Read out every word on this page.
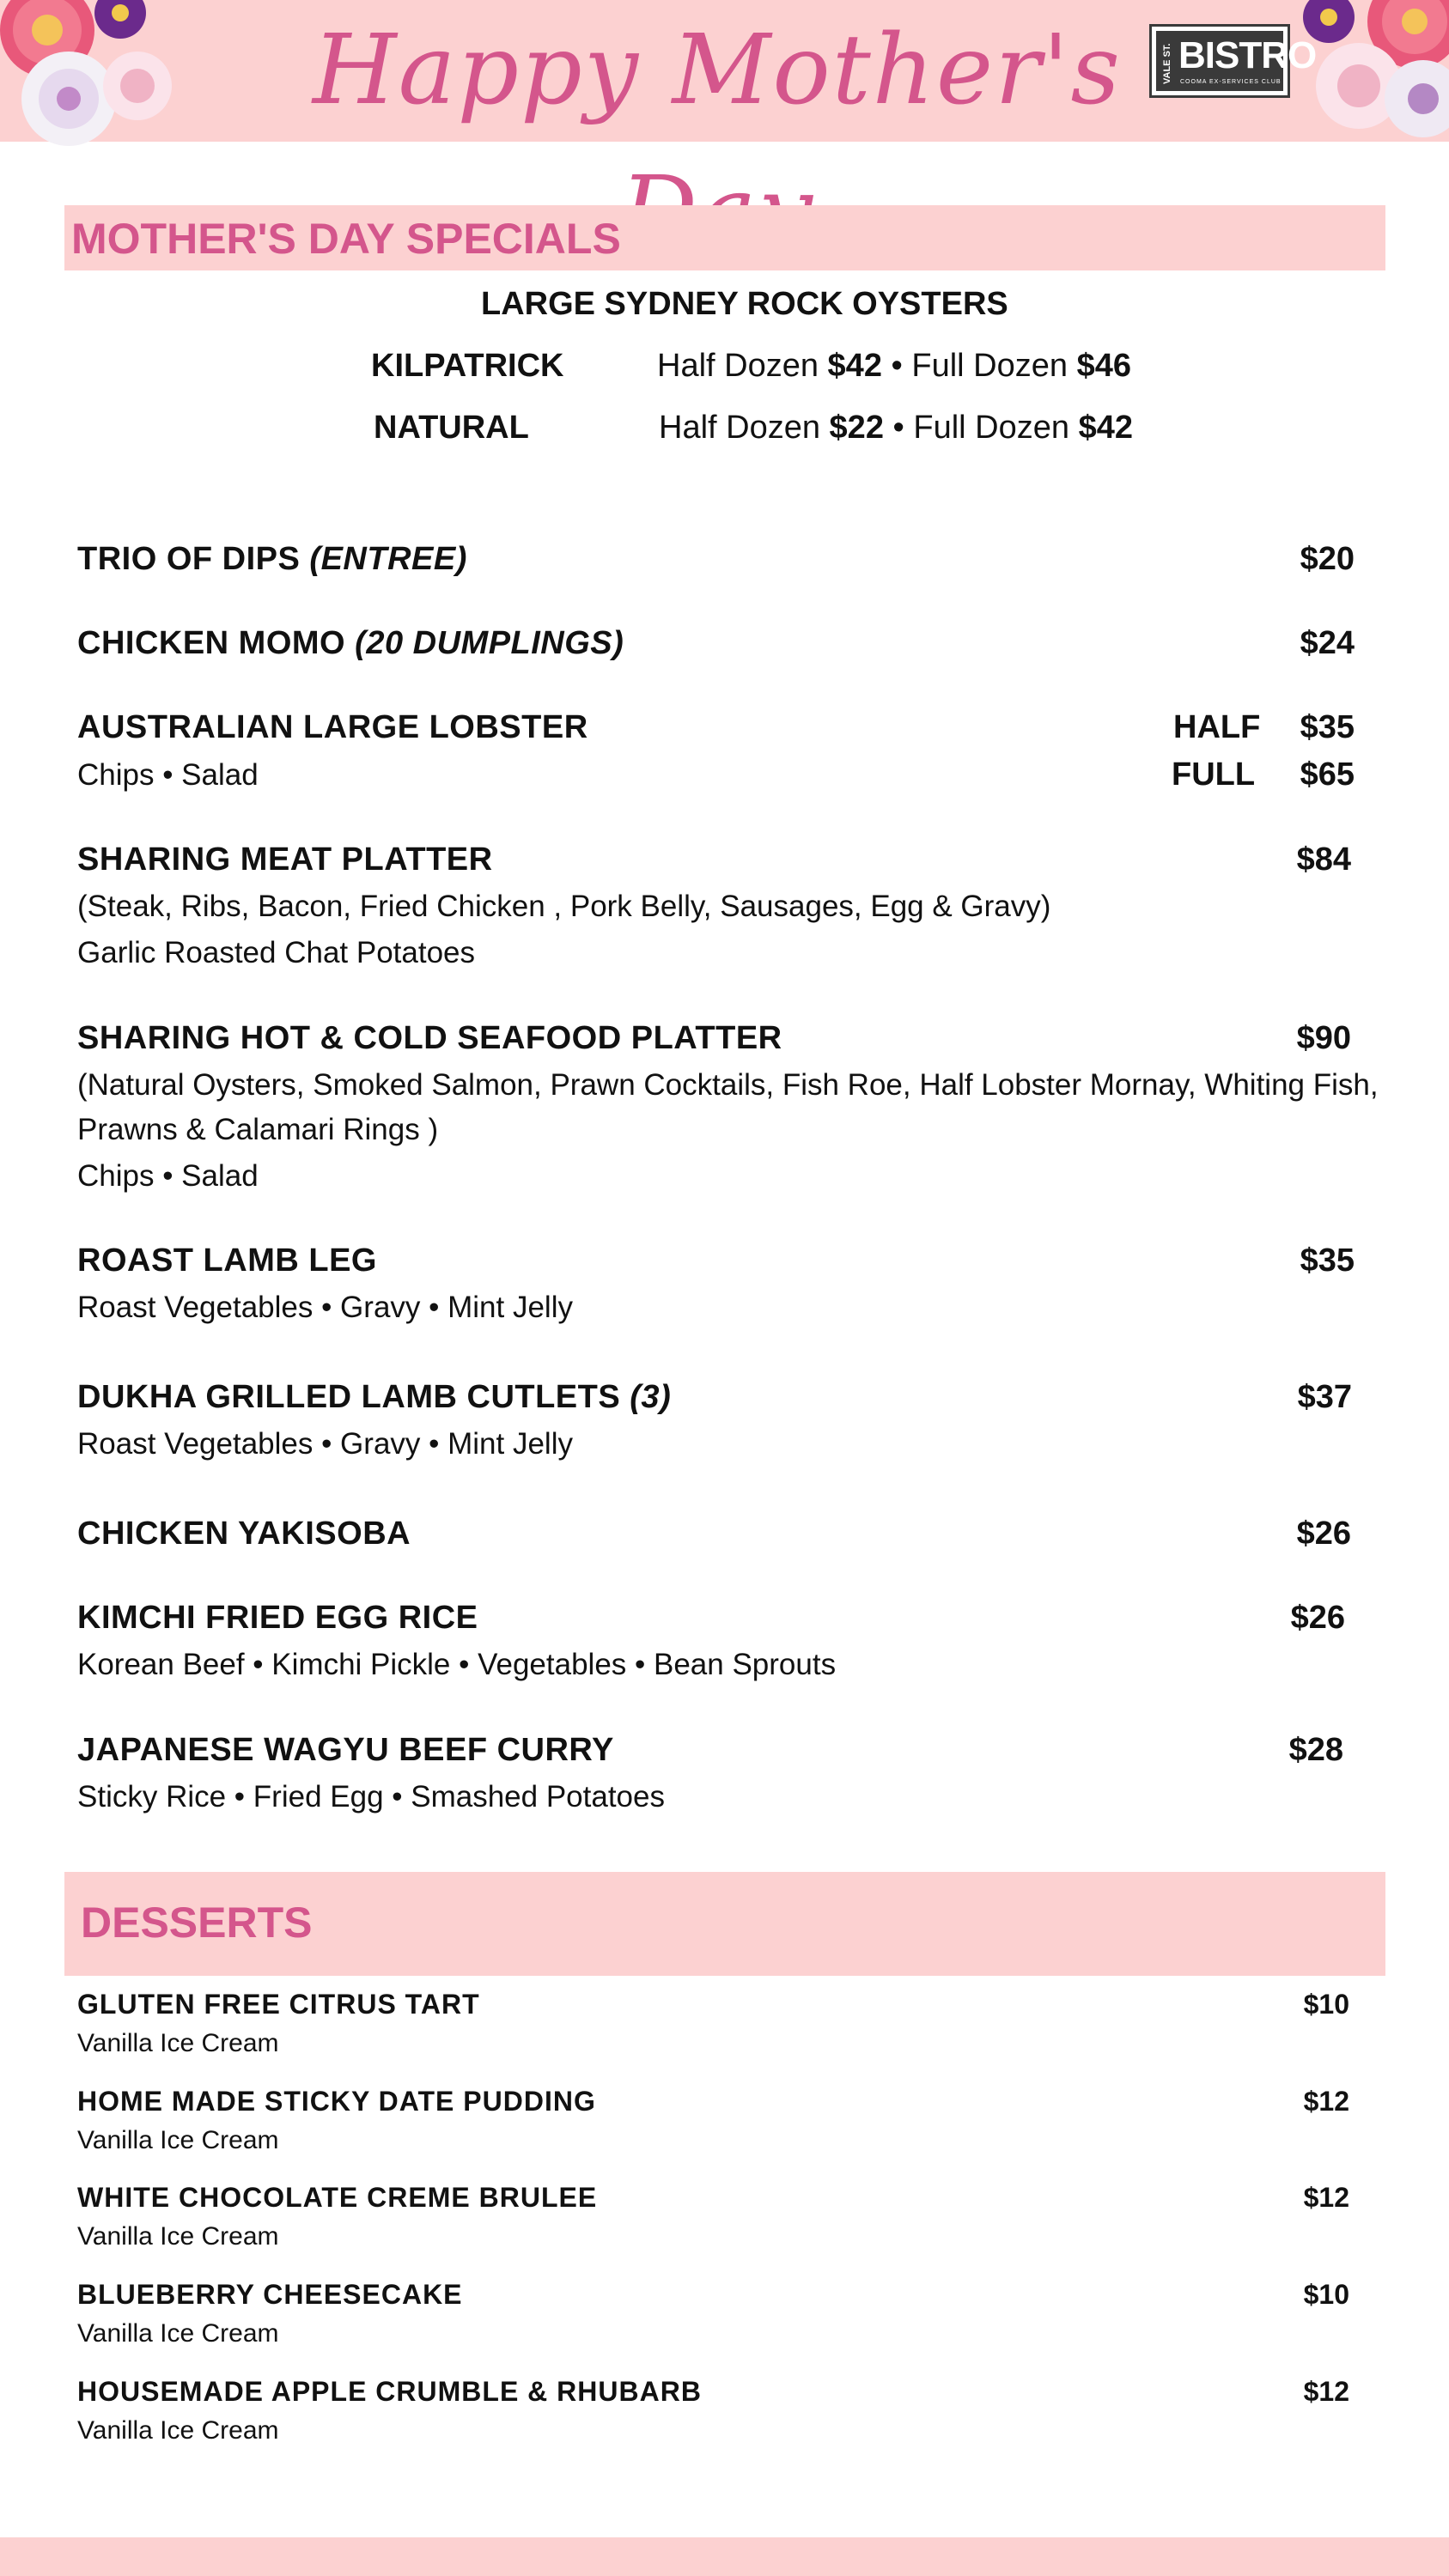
Happy Mother's	VALE ST. BISTRO
COOMA EX-SERVICES CLUB
MOTHER'S DAY SPECIALS
LARGE SYDNEY ROCK OYSTERS
KILPATRICK	Half Dozen $42 • Full Dozen $46
NATURAL	Half Dozen $22 • Full Dozen $42
TRIO OF DIPS (ENTREE)	$20
CHICKEN MOMO (20 DUMPLINGS)	$24
AUSTRALIAN LARGE LOBSTER
Chips • Salad
HALF $35
FULL $65
SHARING MEAT PLATTER	$84
(Steak, Ribs, Bacon, Fried Chicken , Pork Belly, Sausages, Egg & Gravy)
Garlic Roasted Chat Potatoes
SHARING HOT & COLD SEAFOOD PLATTER	$90
(Natural Oysters, Smoked Salmon, Prawn Cocktails, Fish Roe, Half Lobster Mornay, Whiting Fish,
Prawns & Calamari Rings )
Chips • Salad
ROAST LAMB LEG	$35
Roast Vegetables • Gravy • Mint Jelly
DUKHA GRILLED LAMB CUTLETS (3)	$37
Roast Vegetables • Gravy • Mint Jelly
CHICKEN YAKISOBA	$26
KIMCHI FRIED EGG RICE	$26
Korean Beef • Kimchi Pickle • Vegetables • Bean Sprouts
JAPANESE WAGYU BEEF CURRY	$28
Sticky Rice • Fried Egg • Smashed Potatoes
DESSERTS
GLUTEN FREE CITRUS TART	$10
Vanilla Ice Cream
HOME MADE STICKY DATE PUDDING	$12
Vanilla Ice Cream
WHITE CHOCOLATE CREME BRULEE	$12
Vanilla Ice Cream
BLUEBERRY CHEESECAKE	$10
Vanilla Ice Cream
HOUSEMADE APPLE CRUMBLE & RHUBARB	$12
Vanilla Ice Cream
